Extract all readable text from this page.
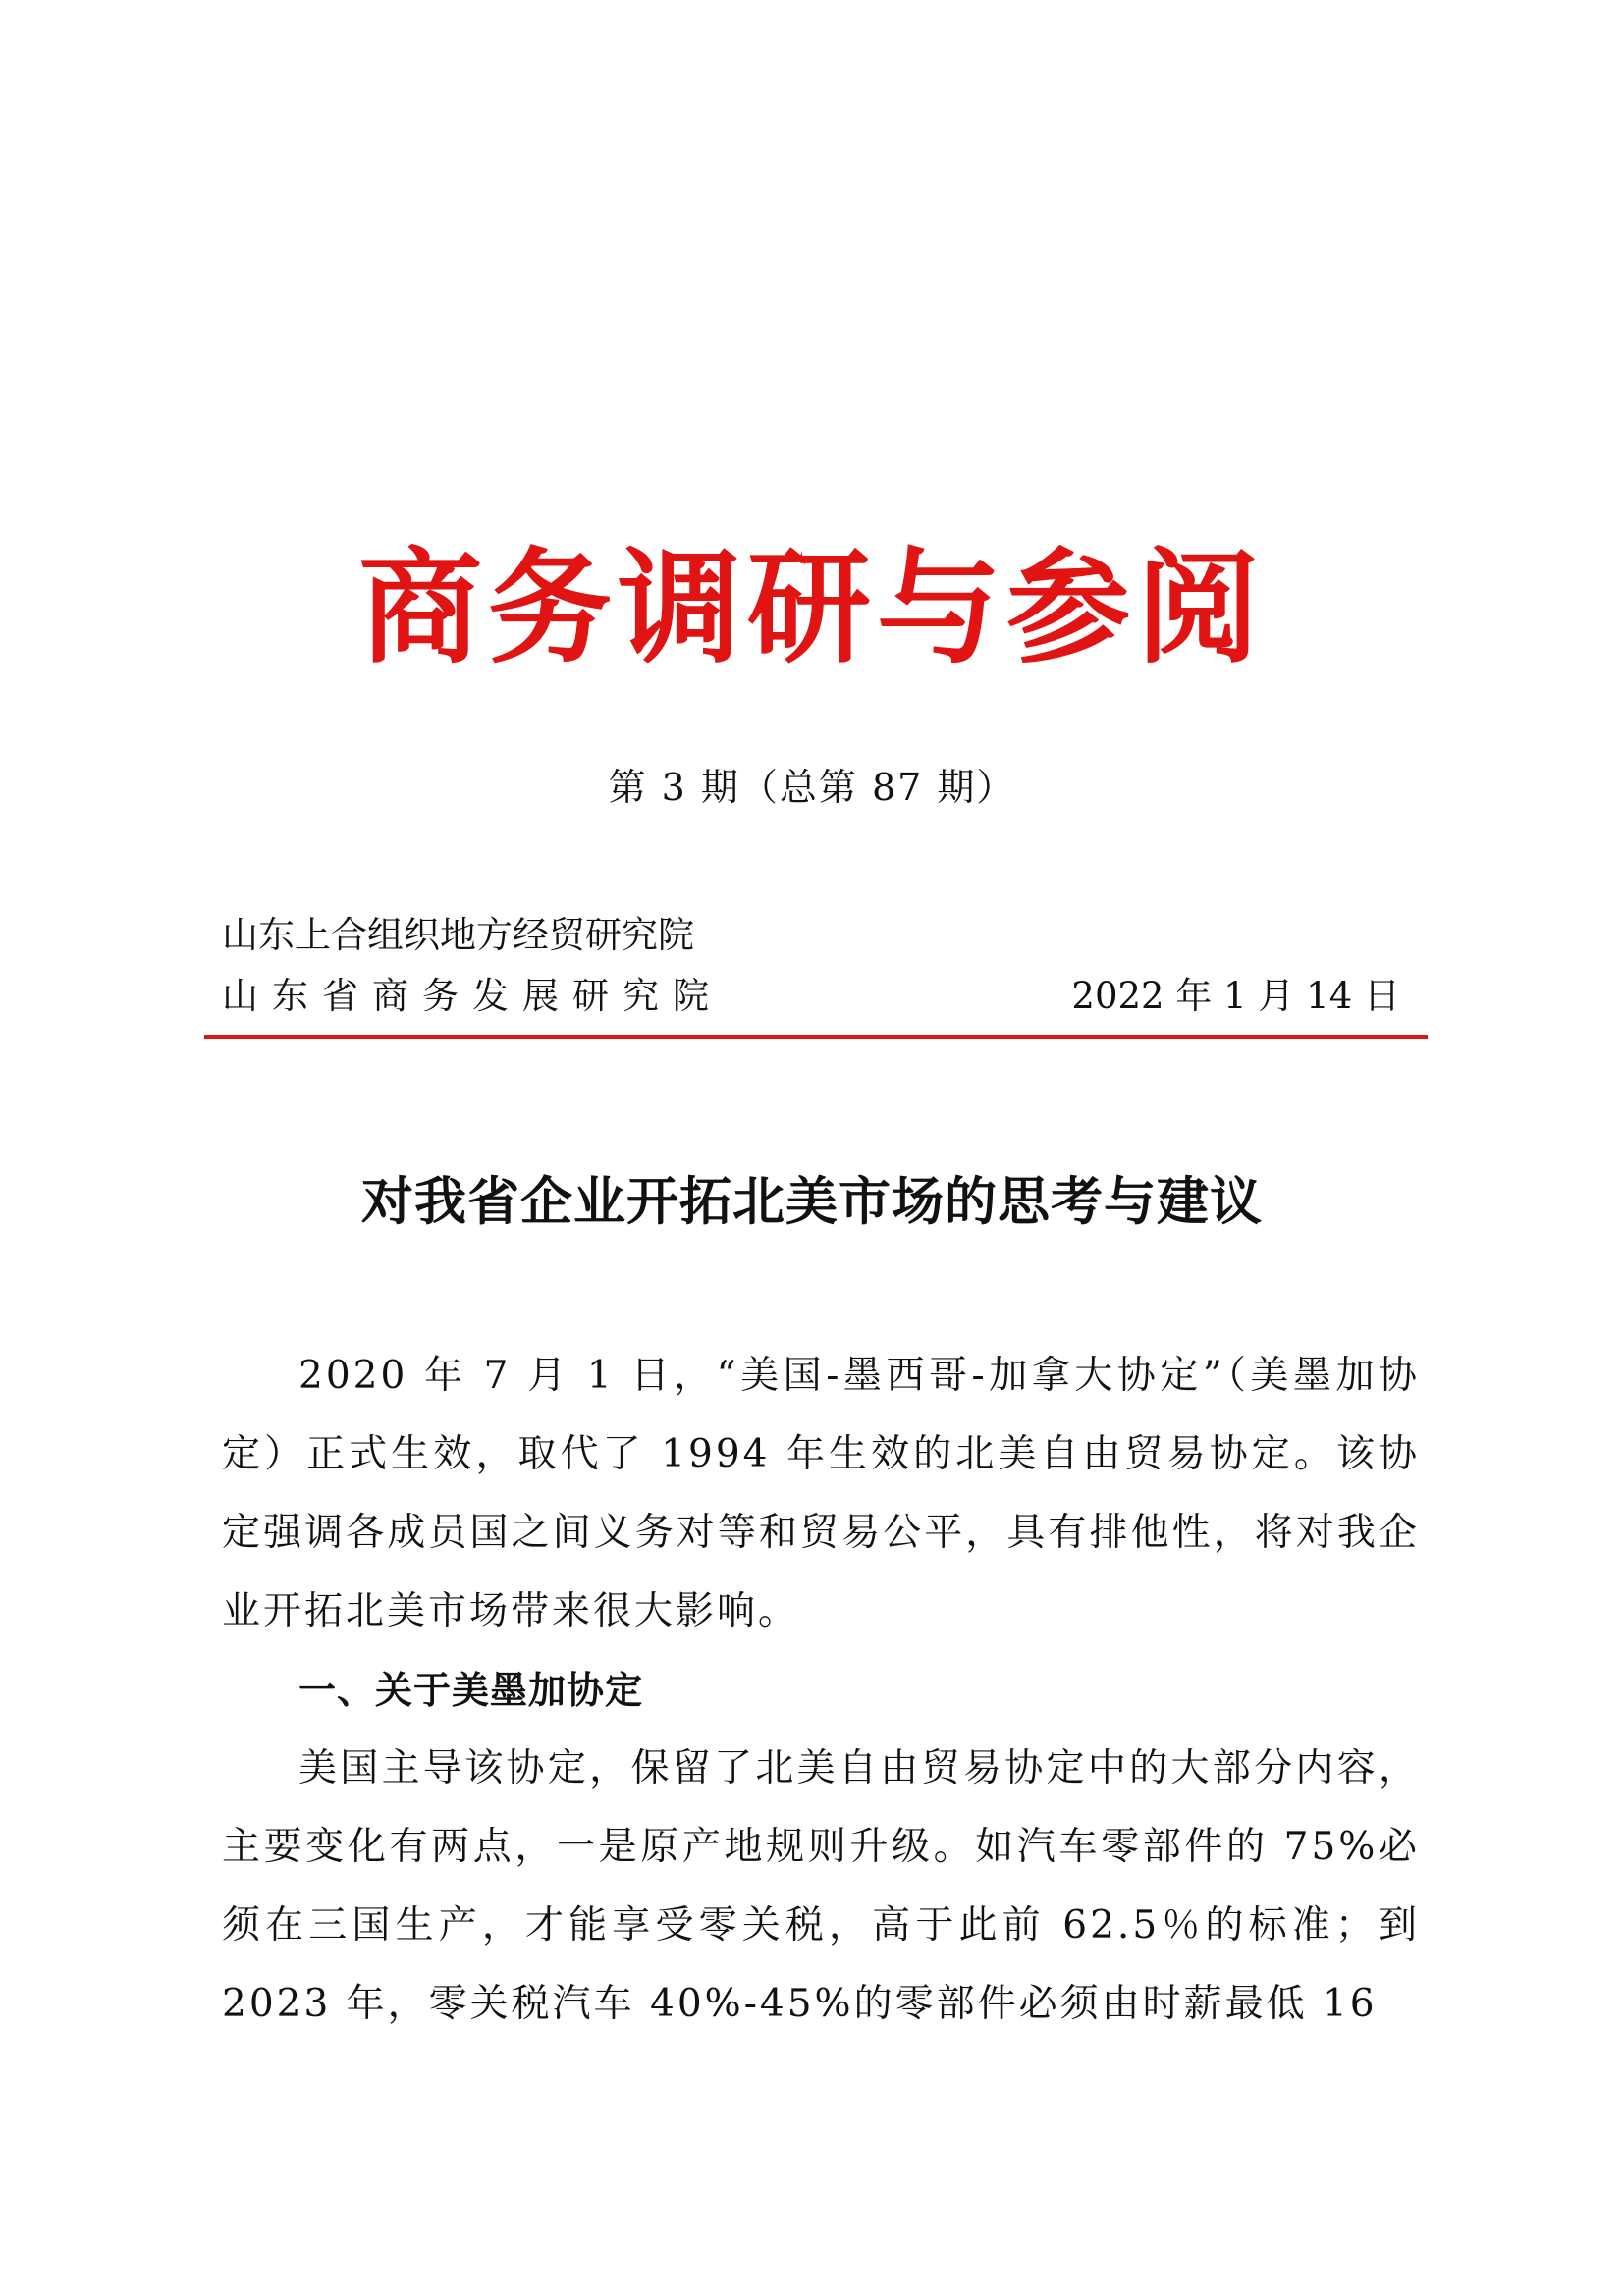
商务调研与参阅
第 3 期（总第 87 期）
山东上合组织地方经贸研究院
山东省商务发展研究院	2022 年 1 月 14 日
对我省企业开拓北美市场的思考与建议

2020 年 7 月 1 日，“美国-墨西哥-加拿大协定”（美墨加协定）正式生效，取代了 1994 年生效的北美自由贸易协定。该协定强调各成员国之间义务对等和贸易公平，具有排他性，将对我企业开拓北美市场带来很大影响。

一、关于美墨加协定

美国主导该协定，保留了北美自由贸易协定中的大部分内容，主要变化有两点，一是原产地规则升级。如汽车零部件的 75%必须在三国生产，才能享受零关税，高于此前 62.5％的标准；到 2023 年，零关税汽车 40%-45%的零部件必须由时薪最低 16
